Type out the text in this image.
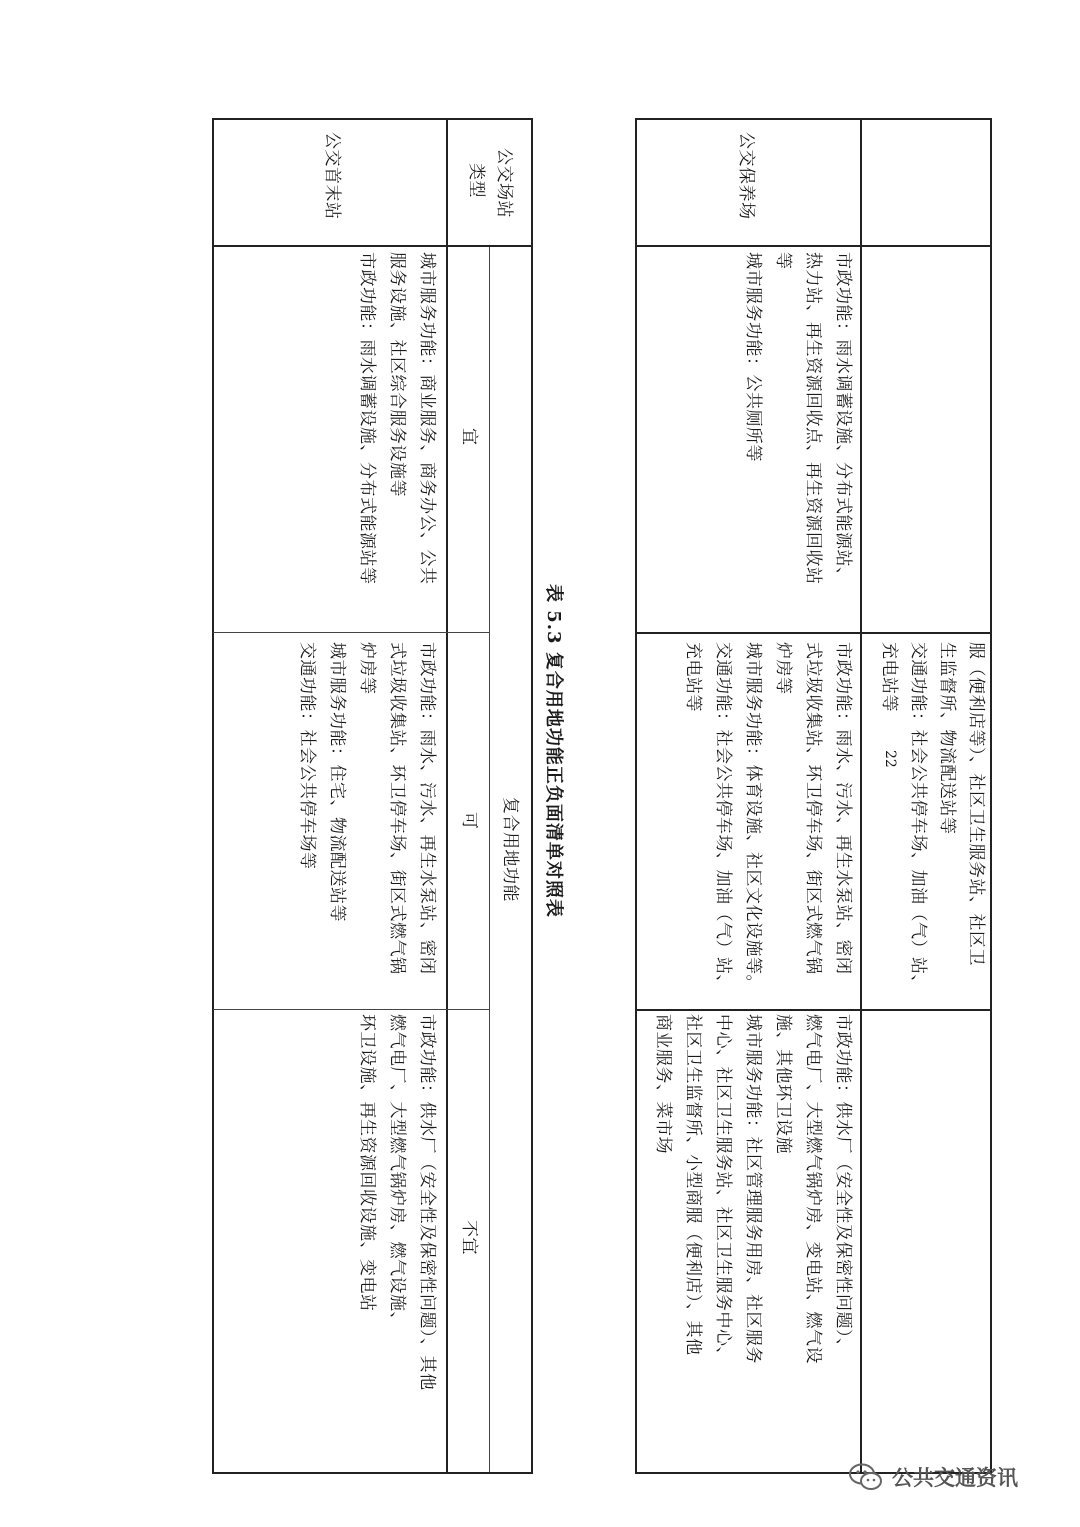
服（便利店等）、社区卫生服务站、社区卫
生监督所、物流配送站等
交通功能：社会公共停车场、加油（气）站、
充电站等
公交保养场
市政功能：雨水调蓄设施、分布式能源站、
热力站、再生资源回收点、再生资源回收站
等
城市服务功能：公共厕所等
市政功能：雨水、污水、再生水泵站、密闭
式垃圾收集站、环卫停车场、街区式燃气锅
炉房等
城市服务功能：体育设施、社区文化设施等。
交通功能：社会公共停车场、加油（气）站、
充电站等
市政功能：供水厂（安全性及保密性问题）、
燃气电厂、大型燃气锅炉房、变电站、燃气设
施、其他环卫设施
城市服务功能：社区管理服务用房、社区服务
中心、社区卫生服务站、社区卫生服务中心、
社区卫生监督所、小型商服（便利店）、其他
商业服务、菜市场
表 5.3 复合用地功能正负面清单对照表
公交场站
类型
复合用地功能
宜
可
不宜
公交首末站
城市服务功能：商业服务、商务办公、公共
服务设施、社区综合服务设施等
市政功能：雨水调蓄设施、分布式能源站等
市政功能：雨水、污水、再生水泵站、密闭
式垃圾收集站、环卫停车场、街区式燃气锅
炉房等
城市服务功能：住宅、物流配送站等
交通功能：社会公共停车场等
市政功能：供水厂（安全性及保密性问题）、其他
燃气电厂、大型燃气锅炉房、燃气设施、
环卫设施、再生资源回收设施、变电站
22
公共交通资讯
